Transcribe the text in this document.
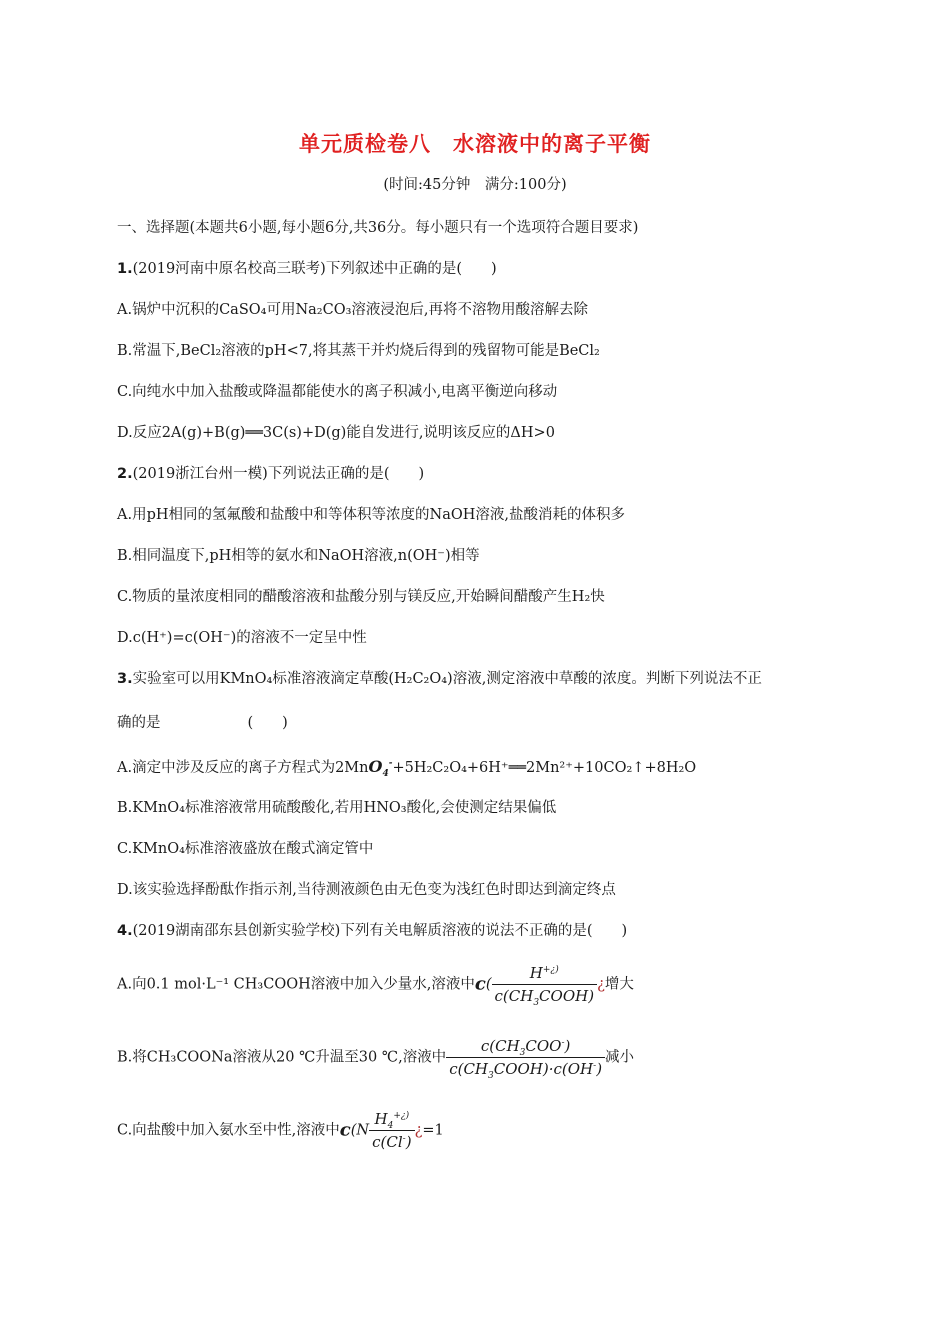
单元质检卷八　水溶液中的离子平衡
(时间:45分钟　满分:100分)
一、选择题(本题共6小题,每小题6分,共36分。每小题只有一个选项符合题目要求)
1.(2019河南中原名校高三联考)下列叙述中正确的是(　　)
A.锅炉中沉积的CaSO₄可用Na₂CO₃溶液浸泡后,再将不溶物用酸溶解去除
B.常温下,BeCl₂溶液的pH<7,将其蒸干并灼烧后得到的残留物可能是BeCl₂
C.向纯水中加入盐酸或降温都能使水的离子积减小,电离平衡逆向移动
D.反应2A(g)+B(g)══3C(s)+D(g)能自发进行,说明该反应的ΔH>0
2.(2019浙江台州一模)下列说法正确的是(　　)
A.用pH相同的氢氟酸和盐酸中和等体积等浓度的NaOH溶液,盐酸消耗的体积多
B.相同温度下,pH相等的氨水和NaOH溶液,n(OH⁻)相等
C.物质的量浓度相同的醋酸溶液和盐酸分别与镁反应,开始瞬间醋酸产生H₂快
D.c(H⁺)=c(OH⁻)的溶液不一定呈中性
3.实验室可以用KMnO₄标准溶液滴定草酸(H₂C₂O₄)溶液,测定溶液中草酸的浓度。判断下列说法不正
确的是　　　　　　(　　)
A.滴定中涉及反应的离子方程式为2MnO$_4$-+5H₂C₂O₄+6H⁺══2Mn²⁺+10CO₂↑+8H₂O
B.KMnO₄标准溶液常用硫酸酸化,若用HNO₃酸化,会使测定结果偏低
C.KMnO₄标准溶液盛放在酸式滴定管中
D.该实验选择酚酞作指示剂,当待测液颜色由无色变为浅红色时即达到滴定终点
4.(2019湖南邵东县创新实验学校)下列有关电解质溶液的说法不正确的是(　　)
A.向0.1 mol·L⁻¹ CH₃COOH溶液中加入少量水,溶液中$c( \frac{H^{+¿)}}{c(CH_3COOH)}$ ¿增大
B.将CH₃COONa溶液从20 ℃升温至30 ℃,溶液中 $\frac{c(CH_3COO^-)}{c(CH_3COOH)\cdot c(OH^-)}$ 减小
C.向盐酸中加入氨水至中性,溶液中$c(N \frac{H_4^{+¿)}}{c(Cl^-)}$ ¿=1
